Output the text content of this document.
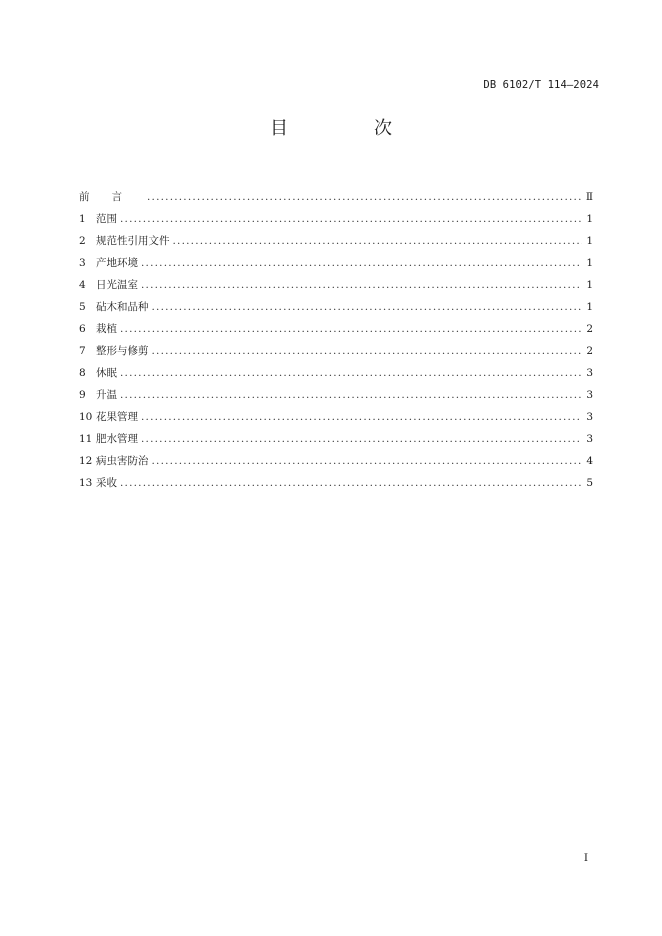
DB 6102/T 114—2024
目　次
前言 .....	Ⅱ
1 范围 .....	1
2 规范性引用文件 .....	1
3 产地环境 .....	1
4 日光温室 .....	1
5 砧木和品种 .....	1
6 栽植 .....	2
7 整形与修剪 .....	2
8 休眠 .....	3
9 升温 .....	3
10 花果管理 .....	3
11 肥水管理 .....	3
12 病虫害防治 .....	4
13 采收 .....	5
I
